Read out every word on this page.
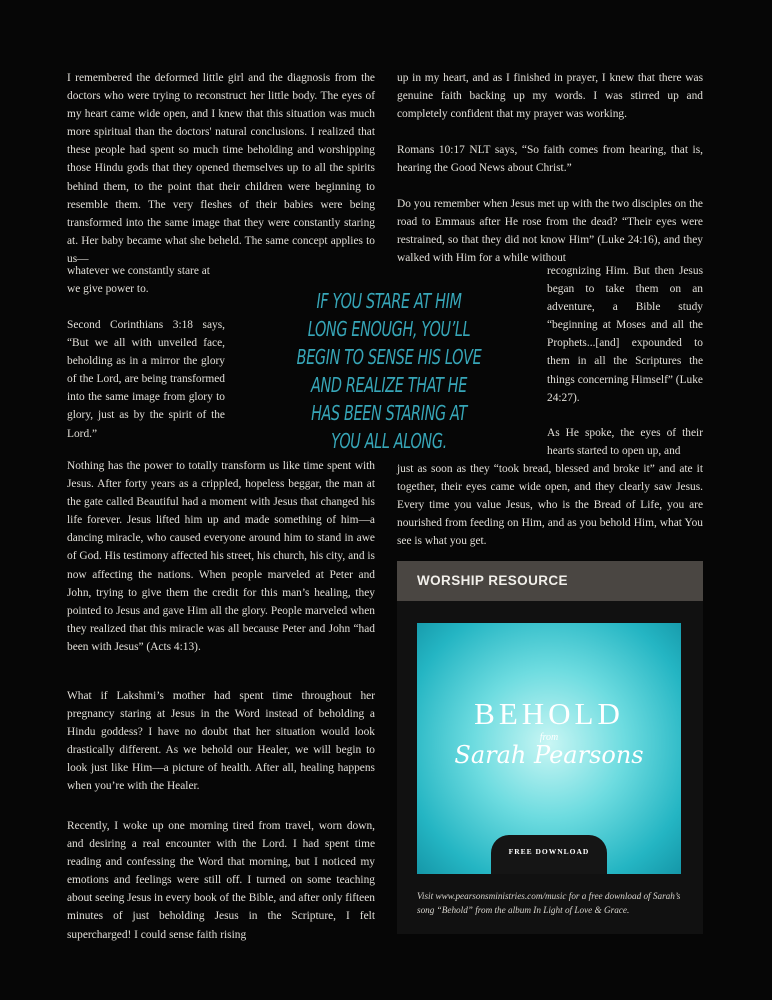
I remembered the deformed little girl and the diagnosis from the doctors who were trying to reconstruct her little body. The eyes of my heart came wide open, and I knew that this situation was much more spiritual than the doctors' natural conclusions. I realized that these people had spent so much time beholding and worshipping those Hindu gods that they opened themselves up to all the spirits behind them, to the point that their children were beginning to resemble them. The very fleshes of their babies were being transformed into the same image that they were constantly staring at. Her baby became what she beheld. The same concept applies to us—
whatever we constantly stare at
we give power to.
Second Corinthians 3:18 says, “But we all with unveiled face, beholding as in a mirror the glory of the Lord, are being transformed into the same image from glory to glory, just as by the spirit of the Lord.”
Nothing has the power to totally transform us like time spent with Jesus. After forty years as a crippled, hopeless beggar, the man at the gate called Beautiful had a moment with Jesus that changed his life forever. Jesus lifted him up and made something of him—a dancing miracle, who caused everyone around him to stand in awe of God. His testimony affected his street, his church, his city, and is now affecting the nations. When people marveled at Peter and John, trying to give them the credit for this man’s healing, they pointed to Jesus and gave Him all the glory. People marveled when they realized that this miracle was all because Peter and John “had been with Jesus” (Acts 4:13).
What if Lakshmi’s mother had spent time throughout her pregnancy staring at Jesus in the Word instead of beholding a Hindu goddess? I have no doubt that her situation would look drastically different. As we behold our Healer, we will begin to look just like Him—a picture of health. After all, healing happens when you’re with the Healer.
Recently, I woke up one morning tired from travel, worn down, and desiring a real encounter with the Lord. I had spent time reading and confessing the Word that morning, but I noticed my emotions and feelings were still off. I turned on some teaching about seeing Jesus in every book of the Bible, and after only fifteen minutes of just beholding Jesus in the Scripture, I felt supercharged! I could sense faith rising
IF YOU STARE AT HIM LONG ENOUGH, YOU’LL BEGIN TO SENSE HIS LOVE AND REALIZE THAT HE HAS BEEN STARING AT YOU ALL ALONG.
up in my heart, and as I finished in prayer, I knew that there was genuine faith backing up my words. I was stirred up and completely confident that my prayer was working.
Romans 10:17 NLT says, “So faith comes from hearing, that is, hearing the Good News about Christ.”
Do you remember when Jesus met up with the two disciples on the road to Emmaus after He rose from the dead? “Their eyes were restrained, so that they did not know Him” (Luke 24:16), and they walked with Him for a while without
recognizing Him. But then Jesus began to take them on an adventure, a Bible study “beginning at Moses and all the Prophets...[and] expounded to them in all the Scriptures the things concerning Himself” (Luke 24:27).
As He spoke, the eyes of their hearts started to open up, and
just as soon as they “took bread, blessed and broke it” and ate it together, their eyes came wide open, and they clearly saw Jesus. Every time you value Jesus, who is the Bread of Life, you are nourished from feeding on Him, and as you behold Him, what You see is what you get.
WORSHIP RESOURCE
BEHOLD
from
Sarah Pearsons
FREE DOWNLOAD
Visit www.pearsonsministries.com/music for a free download of Sarah’s song “Behold” from the album In Light of Love & Grace.
